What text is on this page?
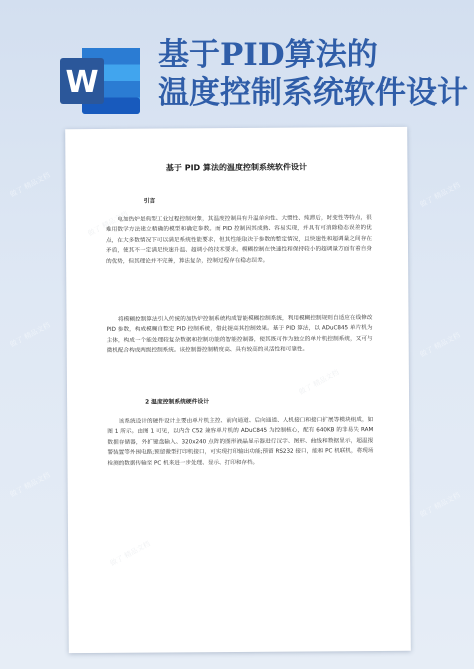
做了 精品文档
做了 精品文档
做了 精品文档
做了 精品文档
做了 精品文档
做了 精品文档
W
基于PID算法的
温度控制系统软件设计
做了 精品文档
做了 精品文档
做了 精品文档
基于 PID 算法的温度控制系统软件设计
引言

电加热炉是典型工业过程控制对象，其温度控制具有升温单向性、大惯性、纯滞后，时变性等特点，很难用数学方法建立精确的模型和确定参数。而 PID 控制因其成熟、容易实现，并具有可消除稳态误差的优点，在大多数情况下可以满足系统性能要求，但其性能取决于参数的整定情况，且快速性和超调量之间存在矛盾，使其不一定满足快速升温、超调小的技术要求。模糊控制在快速性和保持较小的超调量方面有着自身的优势，但其理论并不完善，算法复杂，控制过程存在稳态误差。

将模糊控制算法引入传统的加热炉控制系统构成智能模糊控制系统，利用模糊控制规则自适应在线修改 PID 参数，构成模糊自整定 PID 控制系统，借此提高其控制效果。基于 PID 算法，以 ADuC845 单片机为主体，构成一个能处理较复杂数据和控制功能的智能控制器，使其既可作为独立的单片机控制系统，又可与微机配合构成两级控制系统。该控制器控制精度高、具有较高的灵活性和可靠性。

2 温度控制系统硬件设计

该系统设计的硬件设计主要由单片机主控、前向通道、后向通道、人机接口和接口扩展等模块组成，如图 1 所示。由图 1 可见，以内含 C52 兼容单片机的 ADuC845 为控制核心，配有 640KB 的非易失 RAM 数据存储器，外扩键盘输入、320x240 点阵的图形液晶显示器进行汉字、图形、曲线和数据显示，超温报警装置等外围电路;预留微型打印机接口，可实现打印输出功能;预留 RS232 接口，能和 PC 机联机，将现场检测的数据传输至 PC 机来进一步处理、显示、打印和存档。
